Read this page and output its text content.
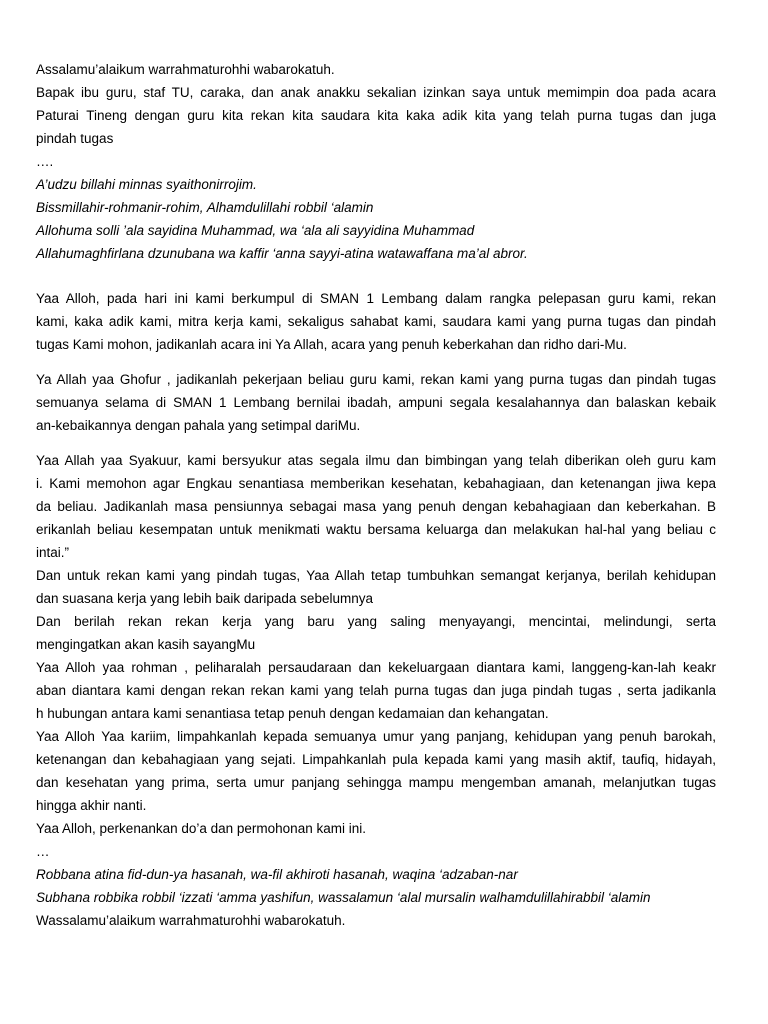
Assalamu’alaikum warrahmaturohhi wabarokatuh.
Bapak ibu guru, staf TU, caraka, dan anak anakku sekalian izinkan saya untuk memimpin doa pada acara
Paturai Tineng dengan guru kita rekan kita saudara kita kaka adik kita yang telah purna tugas dan juga
pindah tugas
….
A’udzu billahi minnas syaithonirrojim.
Bissmillahir-rohmanir-rohim, Alhamdulillahi robbil ‘alamin
Allohuma solli ’ala sayidina Muhammad, wa ‘ala ali sayyidina Muhammad
Allahumaghfirlana dzunubana wa kaffir ‘anna sayyi-atina watawaffana ma’al abror.
Yaa Alloh, pada hari ini kami berkumpul di SMAN 1 Lembang dalam rangka pelepasan guru kami, rekan
kami, kaka adik kami, mitra kerja kami, sekaligus sahabat kami, saudara kami yang purna tugas dan pindah
tugas Kami mohon, jadikanlah acara ini Ya Allah, acara yang penuh keberkahan dan ridho dari-Mu.
Ya Allah yaa Ghofur , jadikanlah pekerjaan beliau guru kami, rekan kami yang purna tugas dan pindah tugas
semuanya selama di SMAN 1 Lembang bernilai ibadah, ampuni segala kesalahannya dan balaskan kebaik
an-kebaikannya dengan pahala yang setimpal dariMu.
Yaa Allah yaa Syakuur, kami bersyukur atas segala ilmu dan bimbingan yang telah diberikan oleh guru kam
i. Kami memohon agar Engkau senantiasa memberikan kesehatan, kebahagiaan, dan ketenangan jiwa kepa
da beliau. Jadikanlah masa pensiunnya sebagai masa yang penuh dengan kebahagiaan dan keberkahan. B
erikanlah beliau kesempatan untuk menikmati waktu bersama keluarga dan melakukan hal-hal yang beliau c
intai.”
Dan untuk rekan kami yang pindah tugas, Yaa Allah tetap tumbuhkan semangat kerjanya, berilah kehidupan
dan suasana kerja yang lebih baik daripada sebelumnya
Dan berilah rekan rekan kerja yang baru yang saling menyayangi, mencintai, melindungi, serta
mengingatkan akan kasih sayangMu
Yaa Alloh yaa rohman , peliharalah persaudaraan dan kekeluargaan diantara kami, langgeng-kan-lah keakr
aban diantara kami dengan rekan rekan kami yang telah purna tugas dan juga pindah tugas , serta jadikanla
h hubungan antara kami senantiasa tetap penuh dengan kedamaian dan kehangatan.
Yaa Alloh Yaa kariim, limpahkanlah kepada semuanya umur yang panjang, kehidupan yang penuh barokah,
ketenangan dan kebahagiaan yang sejati. Limpahkanlah pula kepada kami yang masih aktif, taufiq, hidayah,
dan kesehatan yang prima, serta umur panjang sehingga mampu mengemban amanah, melanjutkan tugas
hingga akhir nanti.
Yaa Alloh, perkenankan do’a dan permohonan kami ini.
…
Robbana atina fid-dun-ya hasanah, wa-fil akhiroti hasanah, waqina ‘adzaban-nar
Subhana robbika robbil ‘izzati ‘amma yashifun, wassalamun ‘alal mursalin walhamdulillahirabbil ‘alamin
Wassalamu’alaikum warrahmaturohhi wabarokatuh.
